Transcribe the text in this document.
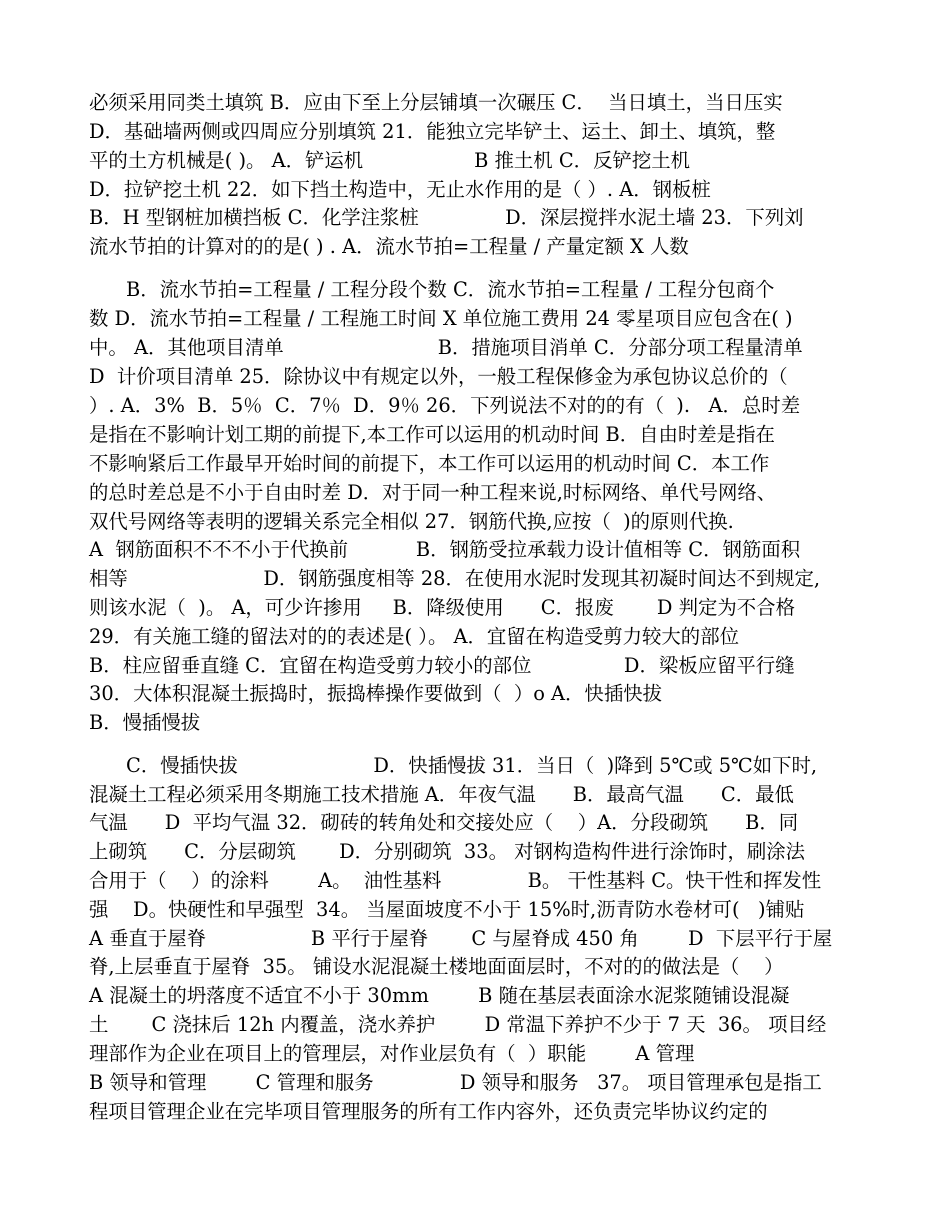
必须采用同类土填筑 B．应由下至上分层铺填一次碾压 C．  当日填土，当日压实
D．基础墙两侧或四周应分别填筑 21．能独立完毕铲土、运土、卸土、填筑，整
平的土方机械是( )。 A．铲运机                  B 推土机 C．反铲挖土机
D．拉铲挖土机 22．如下挡土构造中，无止水作用的是（ ）. A．钢板桩
B．H 型钢桩加横挡板 C．化学注浆桩              D．深层搅拌水泥土墙 23．下列刘
流水节拍的计算对的的是( ) . A．流水节拍=工程量 / 产量定额 X 人数
B．流水节拍=工程量 / 工程分段个数 C．流水节拍=工程量 / 工程分包商个
数 D．流水节拍=工程量 / 工程施工时间 X 单位施工费用 24 零星项目应包含在( )
中。 A．其他项目清单                         B．措施项目消单 C．分部分项工程量清单
D  计价项目清单 25．除协议中有规定以外，一般工程保修金为承包协议总价的（
）. A．3%  B．5％  C．7％  D．9％ 26．下列说法不对的的有（  ).   A．总时差
是指在不影响计划工期的前提下,本工作可以运用的机动时间 B．自由时差是指在
不影响紧后工作最早开始时间的前提下，本工作可以运用的机动时间 C．本工作
的总时差总是不小于自由时差 D．对于同一种工程来说,时标网络、单代号网络、
双代号网络等表明的逻辑关系完全相似 27．钢筋代换,应按（  )的原则代换.
A  钢筋面积不不不小于代换前           B．钢筋受拉承载力设计值相等 C．钢筋面积
相等                      D．钢筋强度相等 28．在使用水泥时发现其初凝时间达不到规定,
则该水泥（  )。 A，可少许掺用     B．降级使用      C．报废       D 判定为不合格
29．有关施工缝的留法对的的表述是( ）。 A．宜留在构造受剪力较大的部位
B．柱应留垂直缝 C．宜留在构造受剪力较小的部位               D．梁板应留平行缝
30．大体积混凝土振捣时，振捣棒操作要做到（  ）o A．快插快拔
B．慢插慢拔
C．慢插快拔                      D．快插慢拔 31．当日（  )降到 5℃或 5℃如下时,
混凝土工程必须采用冬期施工技术措施 A．年夜气温      B．最高气温      C．最低
气温      D  平均气温 32．砌砖的转角处和交接处应（    ）A．分段砌筑      B．同
上砌筑      C．分层砌筑       D．分别砌筑  33。 对钢构造构件进行涂饰时，刷涂法
合用于（    ）的涂料        A。  油性基料              B。 干性基料 C。快干性和挥发性
强    D。快硬性和早强型  34。 当屋面坡度不小于 15%时,沥青防水卷材可(   )铺贴
A 垂直于屋脊                 B 平行于屋脊       C 与屋脊成 450 角        D  下层平行于屋
脊,上层垂直于屋脊  35。 铺设水泥混凝土楼地面面层时，不对的的做法是（    ）
A 混凝土的坍落度不适宜不小于 30mm        B 随在基层表面涂水泥浆随铺设混凝
土       C 浇抹后 12h 内覆盖，浇水养护        D 常温下养护不少于 7 天  36。 项目经
理部作为企业在项目上的管理层，对作业层负有（  ）职能        A 管理
B 领导和管理        C 管理和服务              D 领导和服务   37。 项目管理承包是指工
程项目管理企业在完毕项目管理服务的所有工作内容外，还负责完毕协议约定的
